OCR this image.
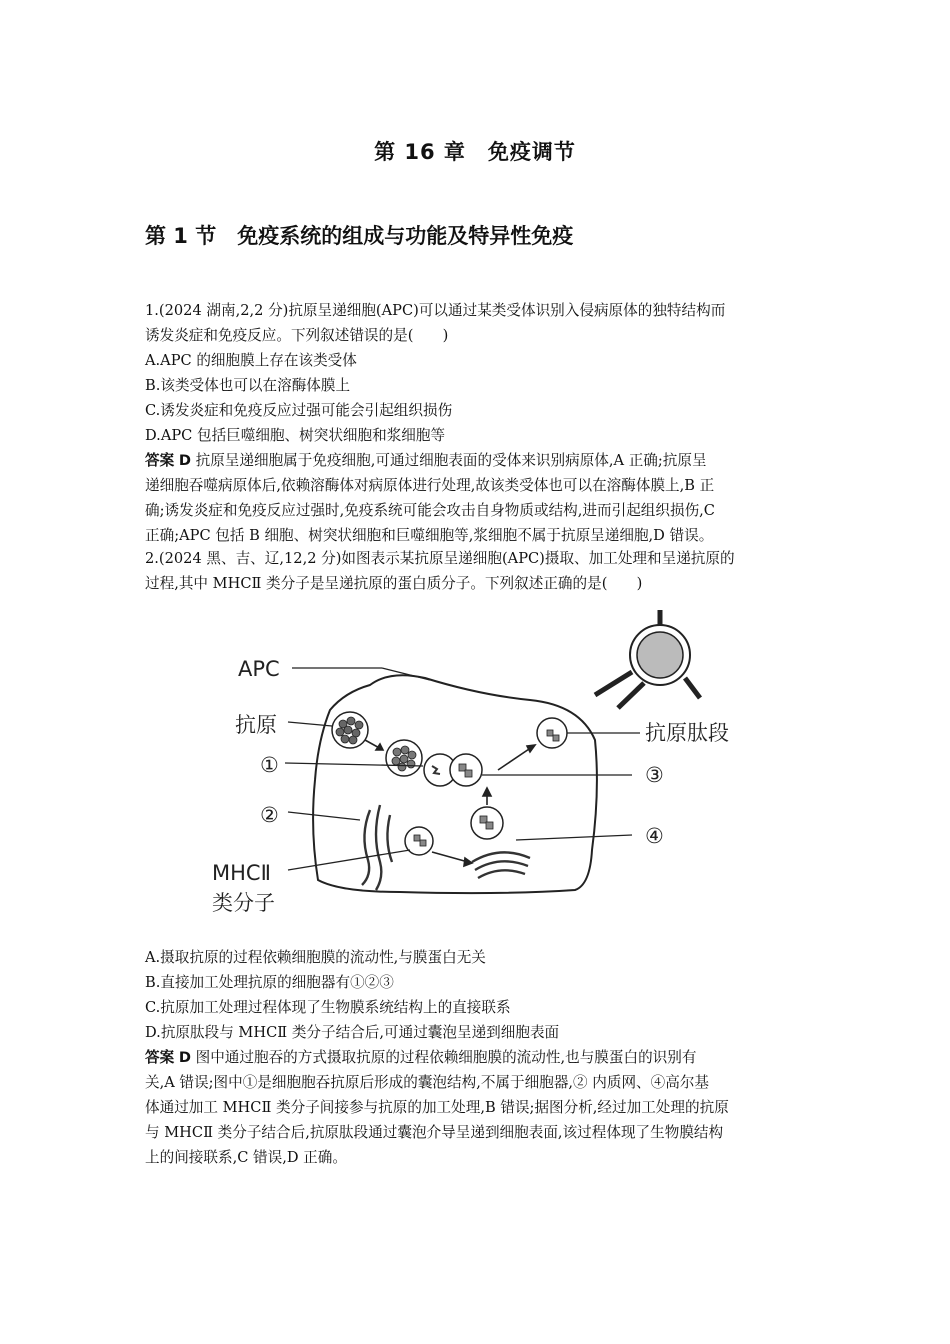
第 16 章　免疫调节
第 1 节　免疫系统的组成与功能及特异性免疫
1.(2024 湖南,2,2 分)抗原呈递细胞(APC)可以通过某类受体识别入侵病原体的独特结构而
诱发炎症和免疫反应。下列叙述错误的是(　　)
A.APC 的细胞膜上存在该类受体
B.该类受体也可以在溶酶体膜上
C.诱发炎症和免疫反应过强可能会引起组织损伤
D.APC 包括巨噬细胞、树突状细胞和浆细胞等
答案 D 抗原呈递细胞属于免疫细胞,可通过细胞表面的受体来识别病原体,A 正确;抗原呈
递细胞吞噬病原体后,依赖溶酶体对病原体进行处理,故该类受体也可以在溶酶体膜上,B 正
确;诱发炎症和免疫反应过强时,免疫系统可能会攻击自身物质或结构,进而引起组织损伤,C
正确;APC 包括 B 细胞、树突状细胞和巨噬细胞等,浆细胞不属于抗原呈递细胞,D 错误。
2.(2024 黑、吉、辽,12,2 分)如图表示某抗原呈递细胞(APC)摄取、加工处理和呈递抗原的
过程,其中 MHCⅡ 类分子是呈递抗原的蛋白质分子。下列叙述正确的是(　　)
APC
抗原
①
②
MHCⅡ
类分子
抗原肽段
③
④
A.摄取抗原的过程依赖细胞膜的流动性,与膜蛋白无关
B.直接加工处理抗原的细胞器有①②③
C.抗原加工处理过程体现了生物膜系统结构上的直接联系
D.抗原肽段与 MHCⅡ 类分子结合后,可通过囊泡呈递到细胞表面
答案 D 图中通过胞吞的方式摄取抗原的过程依赖细胞膜的流动性,也与膜蛋白的识别有
关,A 错误;图中①是细胞胞吞抗原后形成的囊泡结构,不属于细胞器,② 内质网、④高尔基
体通过加工 MHCⅡ 类分子间接参与抗原的加工处理,B 错误;据图分析,经过加工处理的抗原
与 MHCⅡ 类分子结合后,抗原肽段通过囊泡介导呈递到细胞表面,该过程体现了生物膜结构
上的间接联系,C 错误,D 正确。
